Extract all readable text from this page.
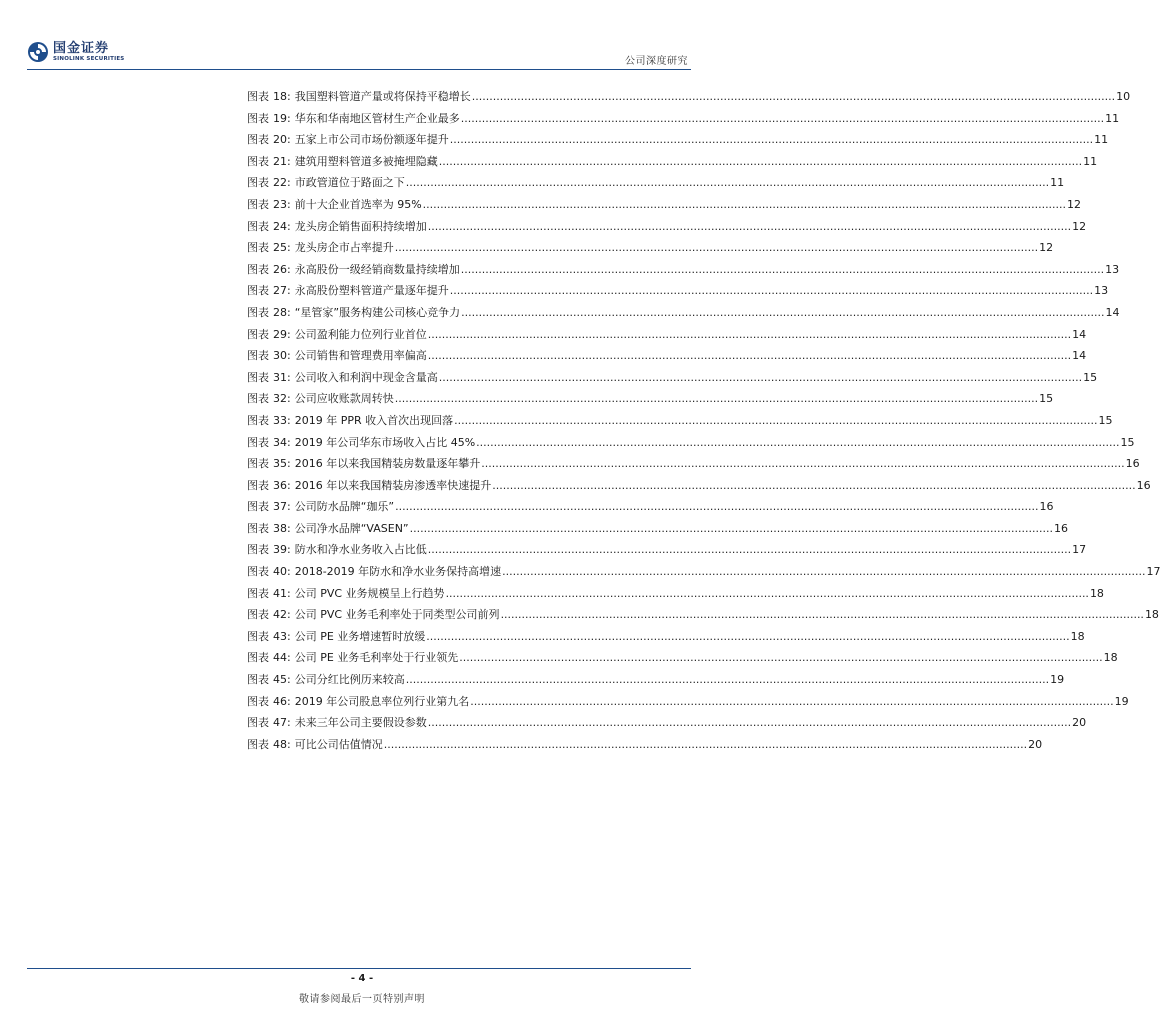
国金证券
SINOLINK SECURITIES	公司深度研究
图表 18 : 我国塑料管道产量或将保持平稳增长 .....	10
图表 19 : 华东和华南地区管材生产企业最多 .....	11
图表 20 : 五家上市公司市场份额逐年提升 .....	11
图表 21 : 建筑用塑料管道多被掩埋隐藏 .....	11
图表 22 : 市政管道位于路面之下 .....	11
图表 23 : 前十大企业首选率为 95% .....	12
图表 24 : 龙头房企销售面积持续增加 .....	12
图表 25 : 龙头房企市占率提升 .....	12
图表 26 : 永高股份一级经销商数量持续增加 .....	13
图表 27 : 永高股份塑料管道产量逐年提升 .....	13
图表 28 : “星管家”服务构建公司核心竞争力 .....	14
图表 29 : 公司盈利能力位列行业首位 .....	14
图表 30 : 公司销售和管理费用率偏高 .....	14
图表 31 : 公司收入和利润中现金含量高 .....	15
图表 32 : 公司应收账款周转快 .....	15
图表 33 : 2019 年 PPR 收入首次出现回落 .....	15
图表 34 : 2019 年公司华东市场收入占比 45% .....	15
图表 35 : 2016 年以来我国精装房数量逐年攀升 .....	16
图表 36 : 2016 年以来我国精装房渗透率快速提升 .....	16
图表 37 : 公司防水品牌“珈乐” .....	16
图表 38 : 公司净水品牌“VASEN” .....	16
图表 39 : 防水和净水业务收入占比低 .....	17
图表 40 : 2018-2019 年防水和净水业务保持高增速 .....	17
图表 41 : 公司 PVC 业务规模呈上行趋势 .....	18
图表 42 : 公司 PVC 业务毛利率处于同类型公司前列 .....	18
图表 43 : 公司 PE 业务增速暂时放缓 .....	18
图表 44 : 公司 PE 业务毛利率处于行业领先 .....	18
图表 45 : 公司分红比例历来较高 .....	19
图表 46 : 2019 年公司股息率位列行业第九名 .....	19
图表 47 : 未来三年公司主要假设参数 .....	20
图表 48 : 可比公司估值情况 .....	20
- 4 -
敬请参阅最后一页特别声明
